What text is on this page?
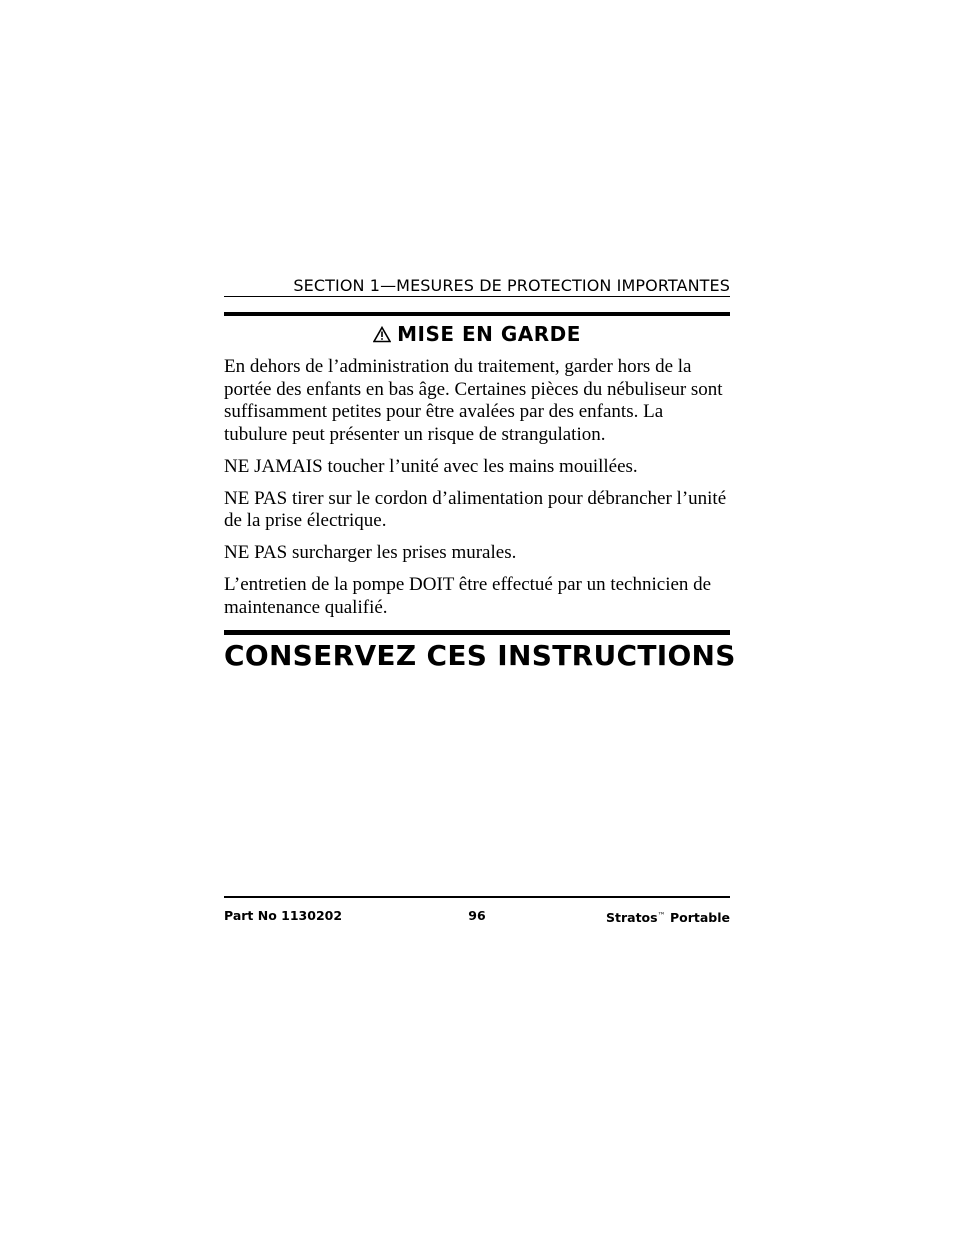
SECTION 1—MESURES DE PROTECTION IMPORTANTES
MISE EN GARDE

En dehors de l’administration du traitement, garder hors de la portée des enfants en bas âge. Certaines pièces du nébuliseur sont suffisamment petites pour être avalées par des enfants. La tubulure peut présenter un risque de strangulation.

NE JAMAIS toucher l’unité avec les mains mouillées.

NE PAS tirer sur le cordon d’alimentation pour débrancher l’unité de la prise électrique.

NE PAS surcharger les prises murales.

L’entretien de la pompe DOIT être effectué par un technicien de maintenance qualifié.

CONSERVEZ CES INSTRUCTIONS
Part No 1130202	96	Stratos™ Portable
